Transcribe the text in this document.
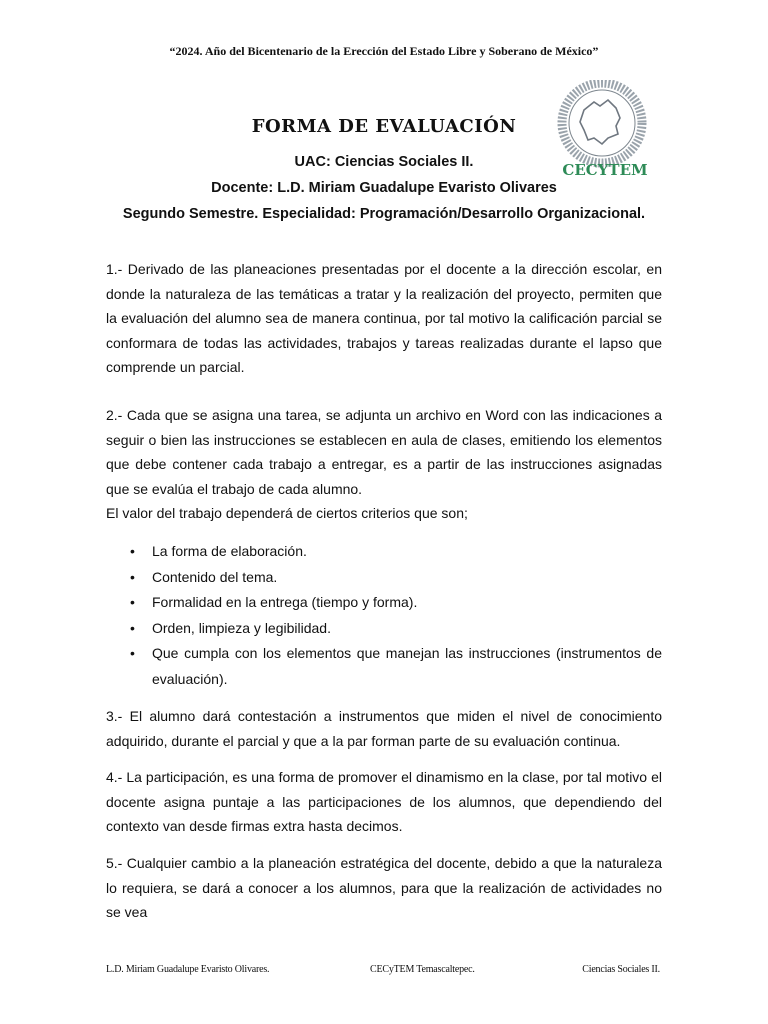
“2024. Año del Bicentenario de la Erección del Estado Libre y Soberano de México”
CECYTEM
FORMA DE EVALUACIÓN
UAC: Ciencias Sociales II.
Docente: L.D. Miriam Guadalupe Evaristo Olivares
Segundo Semestre. Especialidad: Programación/Desarrollo Organizacional.

1.- Derivado de las planeaciones presentadas por el docente a la dirección escolar, en donde la naturaleza de las temáticas a tratar y la realización del proyecto, permiten que la evaluación del alumno sea de manera continua, por tal motivo la calificación parcial se conformara de todas las actividades, trabajos y tareas realizadas durante el lapso que comprende un parcial.

2.- Cada que se asigna una tarea, se adjunta un archivo en Word con las indicaciones a seguir o bien las instrucciones se establecen en aula de clases, emitiendo los elementos que debe contener cada trabajo a entregar, es a partir de las instrucciones asignadas que se evalúa el trabajo de cada alumno.

El valor del trabajo dependerá de ciertos criterios que son;

• La forma de elaboración.
• Contenido del tema.
• Formalidad en la entrega (tiempo y forma).
• Orden, limpieza y legibilidad.
• Que cumpla con los elementos que manejan las instrucciones (instrumentos de evaluación).

3.- El alumno dará contestación a instrumentos que miden el nivel de conocimiento adquirido, durante el parcial y que a la par forman parte de su evaluación continua.

4.- La participación, es una forma de promover el dinamismo en la clase, por tal motivo el docente asigna puntaje a las participaciones de los alumnos, que dependiendo del contexto van desde firmas extra hasta decimos.

5.- Cualquier cambio a la planeación estratégica del docente, debido a que la naturaleza lo requiera, se dará a conocer a los alumnos, para que la realización de actividades no se vea

L.D. Miriam Guadalupe Evaristo Olivares.	CECyTEM Temascaltepec.	Ciencias Sociales II.
